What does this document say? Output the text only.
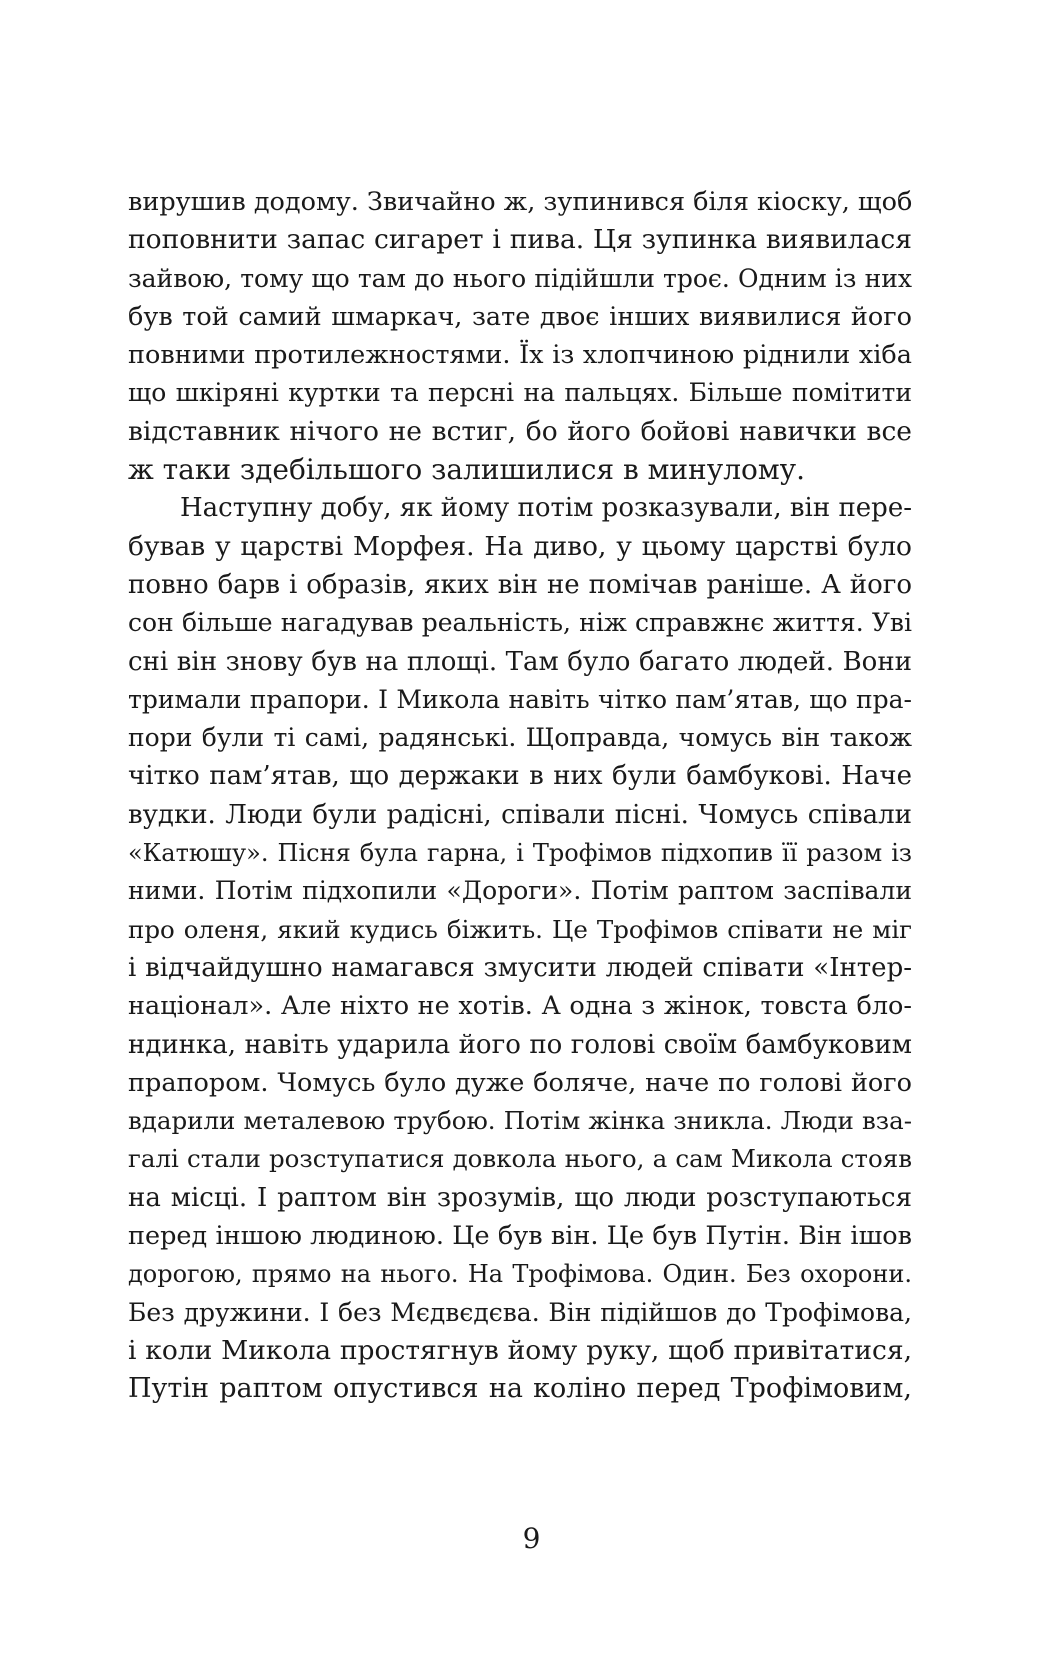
вирушив додому. Звичайно ж, зупинився біля кіоску, щоб
поповнити запас сигарет і пива. Ця зупинка виявилася
зайвою, тому що там до нього підійшли троє. Одним із них
був той самий шмаркач, зате двоє інших виявилися його
повними протилежностями. Їх із хлопчиною ріднили хіба
що шкіряні куртки та персні на пальцях. Більше помітити
відставник нічого не встиг, бо його бойові навички все
ж таки здебільшого залишилися в минулому.
Наступну добу, як йому потім розказували, він пере-
бував у царстві Морфея. На диво, у цьому царстві було
повно барв і образів, яких він не помічав раніше. А його
сон більше нагадував реальність, ніж справжнє життя. Уві
сні він знову був на площі. Там було багато людей. Вони
тримали прапори. І Микола навіть чітко пам’ятав, що пра-
пори були ті самі, радянські. Щоправда, чомусь він також
чітко пам’ятав, що держаки в них були бамбукові. Наче
вудки. Люди були радісні, співали пісні. Чомусь співали
«Катюшу». Пісня була гарна, і Трофімов підхопив її разом із
ними. Потім підхопили «Дороги». Потім раптом заспівали
про оленя, який кудись біжить. Це Трофімов співати не міг
і відчайдушно намагався змусити людей співати «Інтер-
націонал». Але ніхто не хотів. А одна з жінок, товста бло-
ндинка, навіть ударила його по голові своїм бамбуковим
прапором. Чомусь було дуже боляче, наче по голові його
вдарили металевою трубою. Потім жінка зникла. Люди вза-
галі стали розступатися довкола нього, а сам Микола стояв
на місці. І раптом він зрозумів, що люди розступаються
перед іншою людиною. Це був він. Це був Путін. Він ішов
дорогою, прямо на нього. На Трофімова. Один. Без охорони.
Без дружини. І без Мєдвєдєва. Він підійшов до Трофімова,
і коли Микола простягнув йому руку, щоб привітатися,
Путін раптом опустився на коліно перед Трофімовим,
9
